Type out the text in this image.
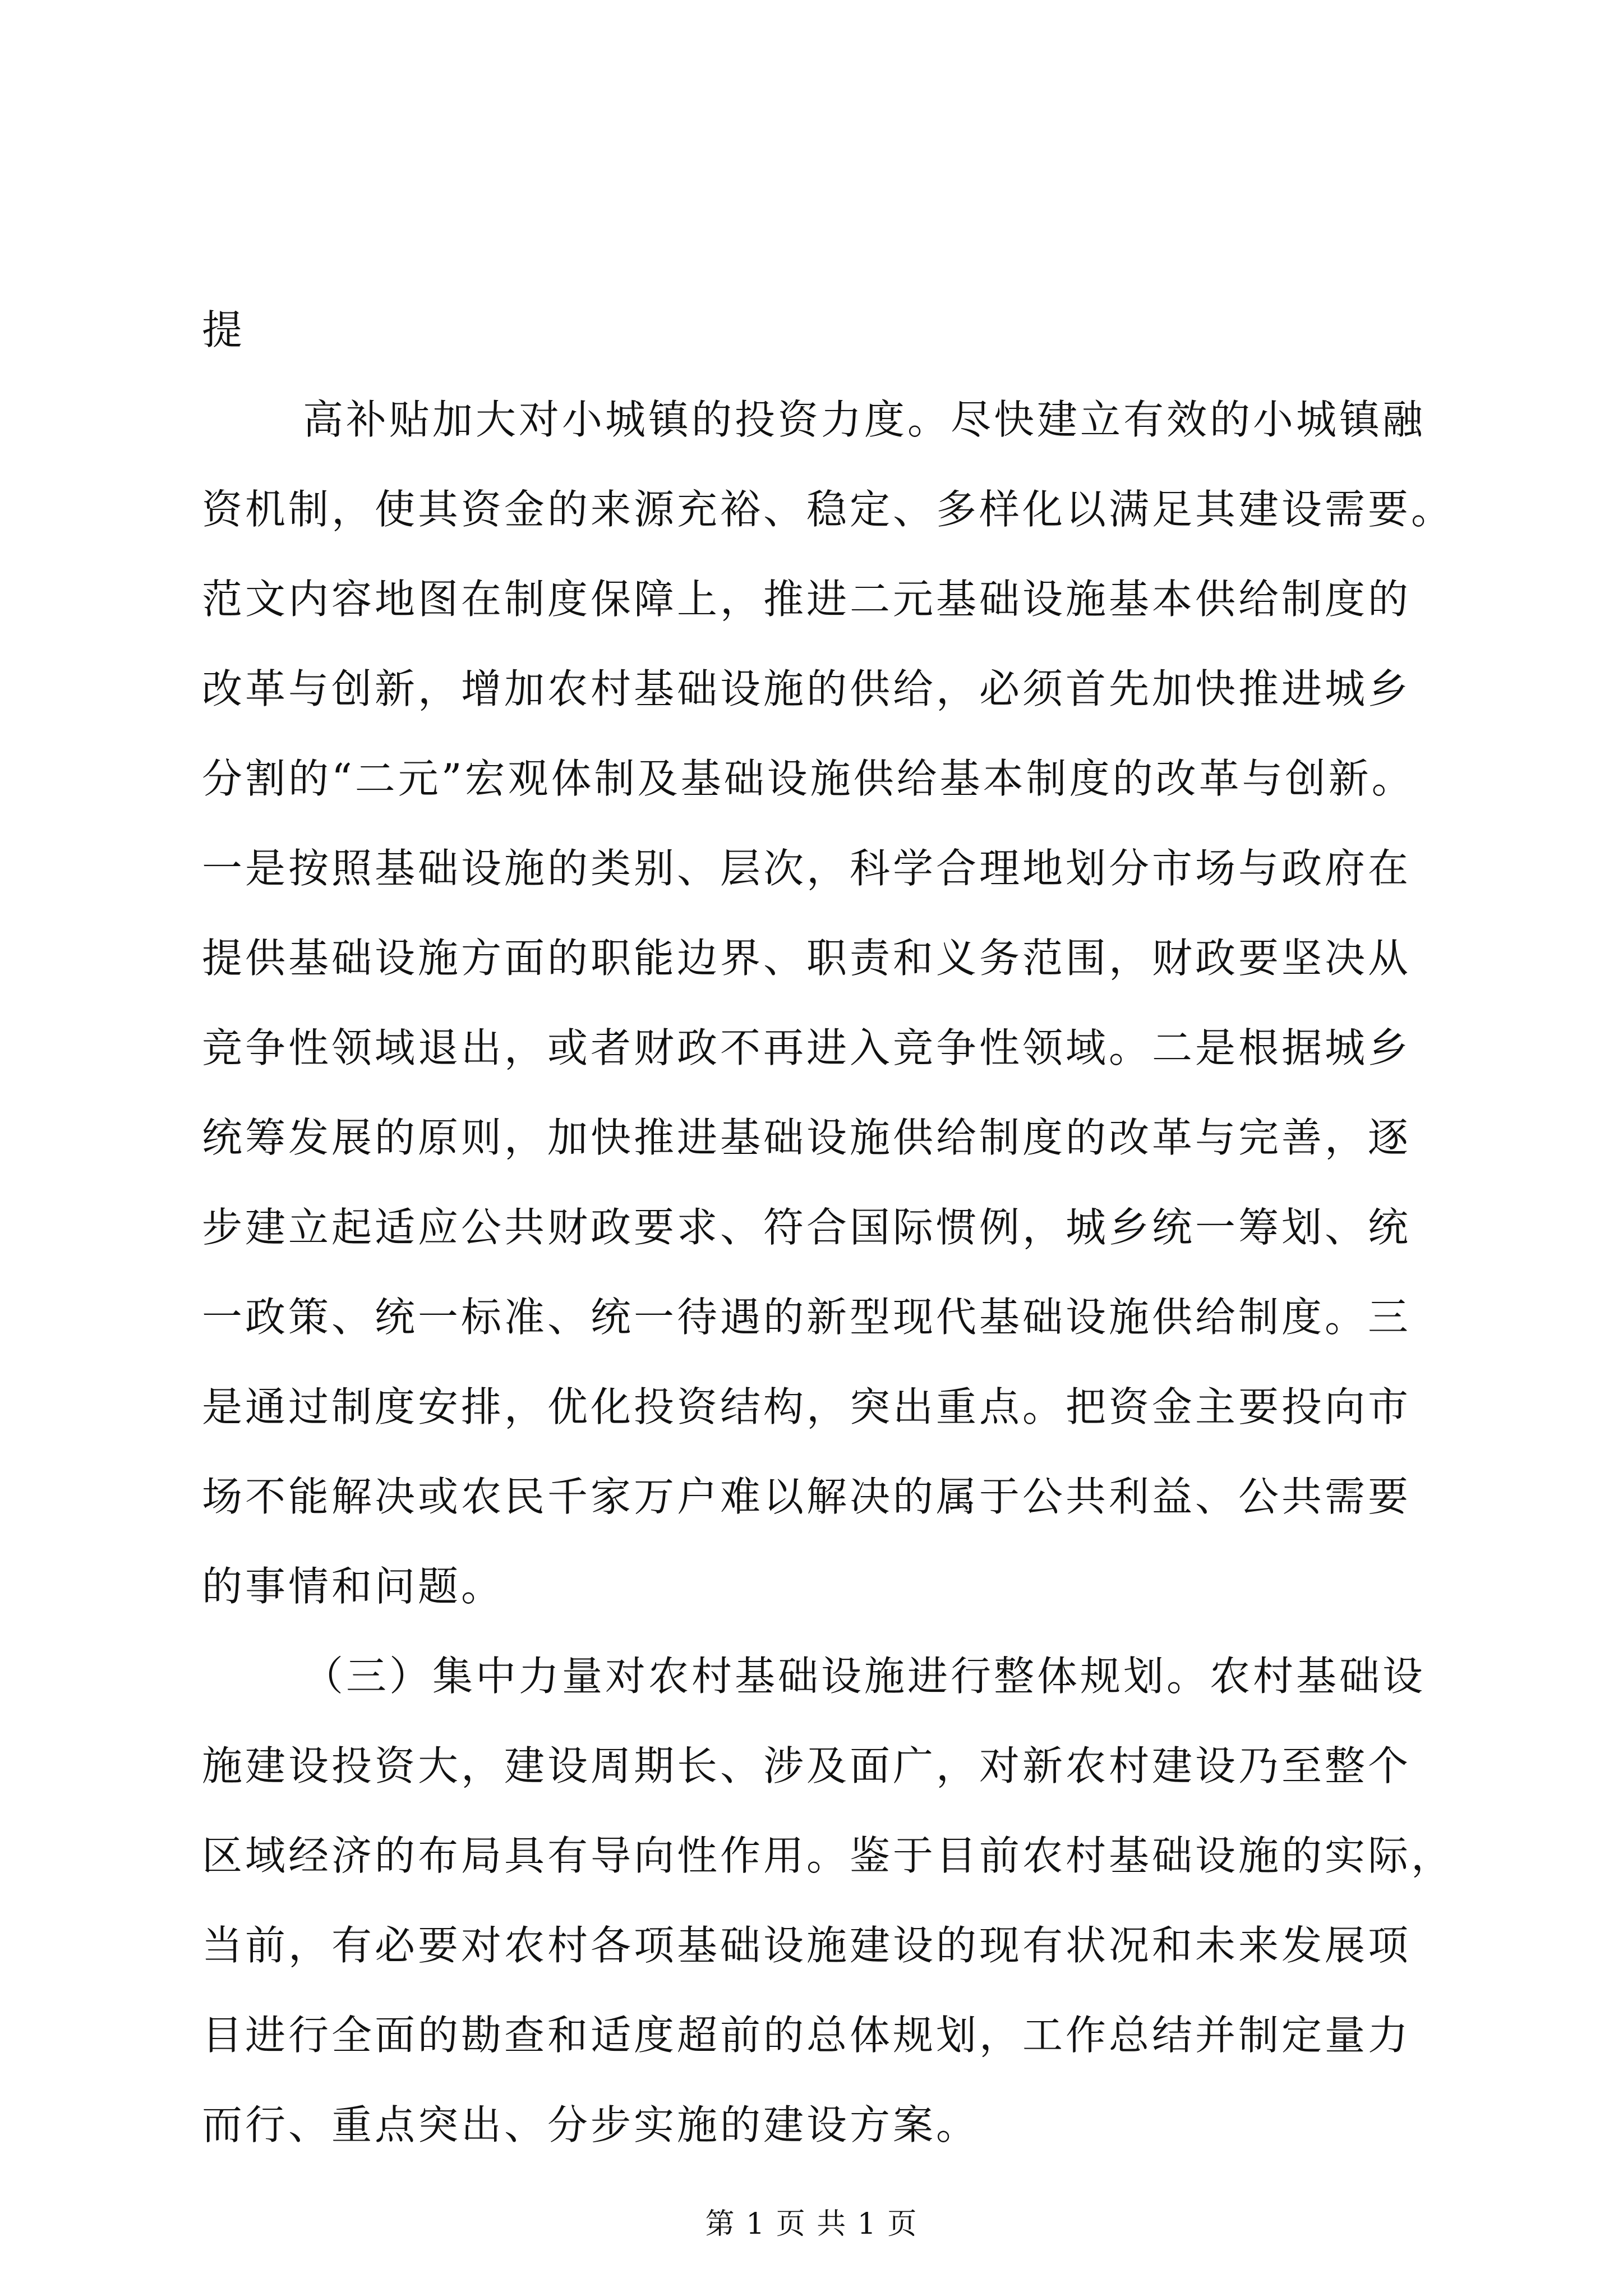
提

高补贴加大对小城镇的投资力度。尽快建立有效的小城镇融

资机制，使其资金的来源充裕、稳定、多样化以满足其建设需要。

范文内容地图在制度保障上，推进二元基础设施基本供给制度的

改革与创新，增加农村基础设施的供给，必须首先加快推进城乡

分割的“二元”宏观体制及基础设施供给基本制度的改革与创新。

一是按照基础设施的类别、层次，科学合理地划分市场与政府在

提供基础设施方面的职能边界、职责和义务范围，财政要坚决从

竞争性领域退出，或者财政不再进入竞争性领域。二是根据城乡

统筹发展的原则，加快推进基础设施供给制度的改革与完善，逐

步建立起适应公共财政要求、符合国际惯例，城乡统一筹划、统

一政策、统一标准、统一待遇的新型现代基础设施供给制度。三

是通过制度安排，优化投资结构，突出重点。把资金主要投向市

场不能解决或农民千家万户难以解决的属于公共利益、公共需要

的事情和问题。

（三）集中力量对农村基础设施进行整体规划。农村基础设

施建设投资大，建设周期长、涉及面广，对新农村建设乃至整个

区域经济的布局具有导向性作用。鉴于目前农村基础设施的实际，

当前，有必要对农村各项基础设施建设的现有状况和未来发展项

目进行全面的勘查和适度超前的总体规划，工作总结并制定量力

而行、重点突出、分步实施的建设方案。

第 1 页 共 1 页
